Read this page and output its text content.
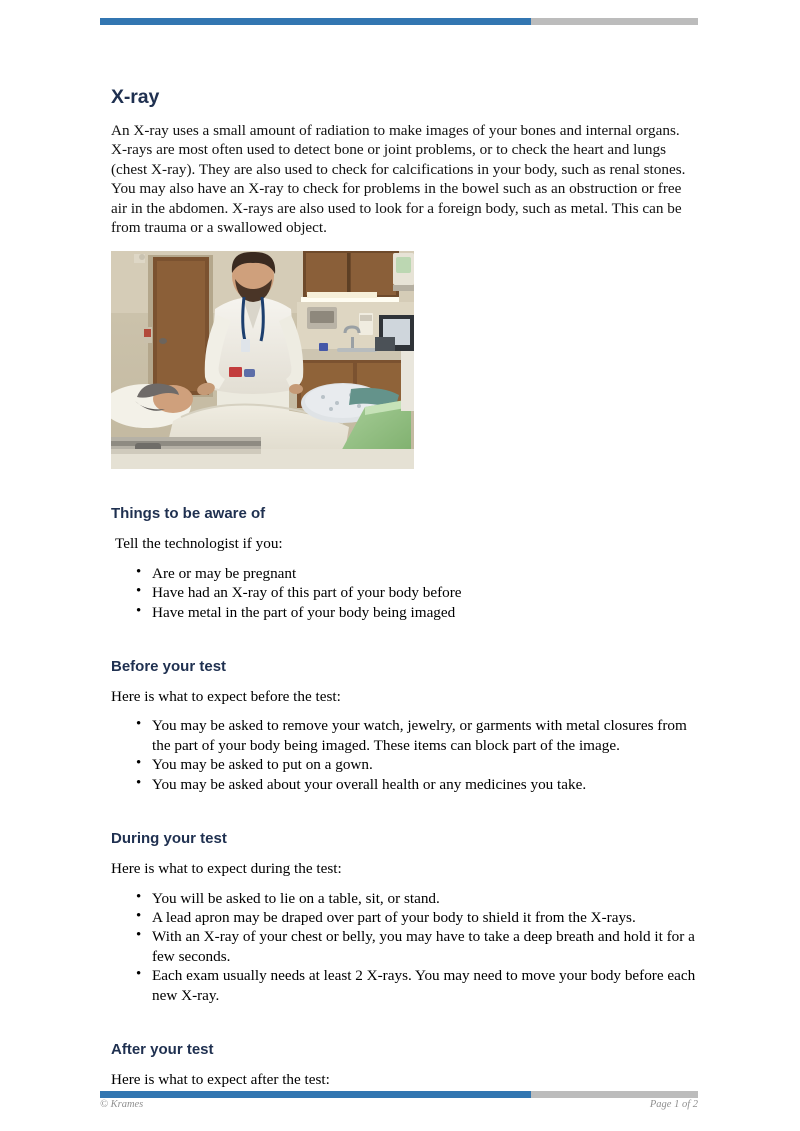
X-ray

An X-ray uses a small amount of radiation to make images of your bones and internal organs. X-rays are most often used to detect bone or joint problems, or to check the heart and lungs (chest X-ray). They are also used to check for calcifications in your body, such as renal stones. You may also have an X-ray to check for problems in the bowel such as an obstruction or free air in the abdomen. X-rays are also used to look for a foreign body, such as metal. This can be from trauma or a swallowed object.

Things to be aware of

Tell the technologist if you:

• Are or may be pregnant
• Have had an X-ray of this part of your body before
• Have metal in the part of your body being imaged
Before your test

Here is what to expect before the test:

• You may be asked to remove your watch, jewelry, or garments with metal closures from the part of your body being imaged. These items can block part of the image.
• You may be asked to put on a gown.
• You may be asked about your overall health or any medicines you take.
During your test

Here is what to expect during the test:

• You will be asked to lie on a table, sit, or stand.
• A lead apron may be draped over part of your body to shield it from the X-rays.
• With an X-ray of your chest or belly, you may have to take a deep breath and hold it for a few seconds.
• Each exam usually needs at least 2 X-rays. You may need to move your body before each new X-ray.
After your test

Here is what to expect after the test:

© Krames	Page 1 of 2
